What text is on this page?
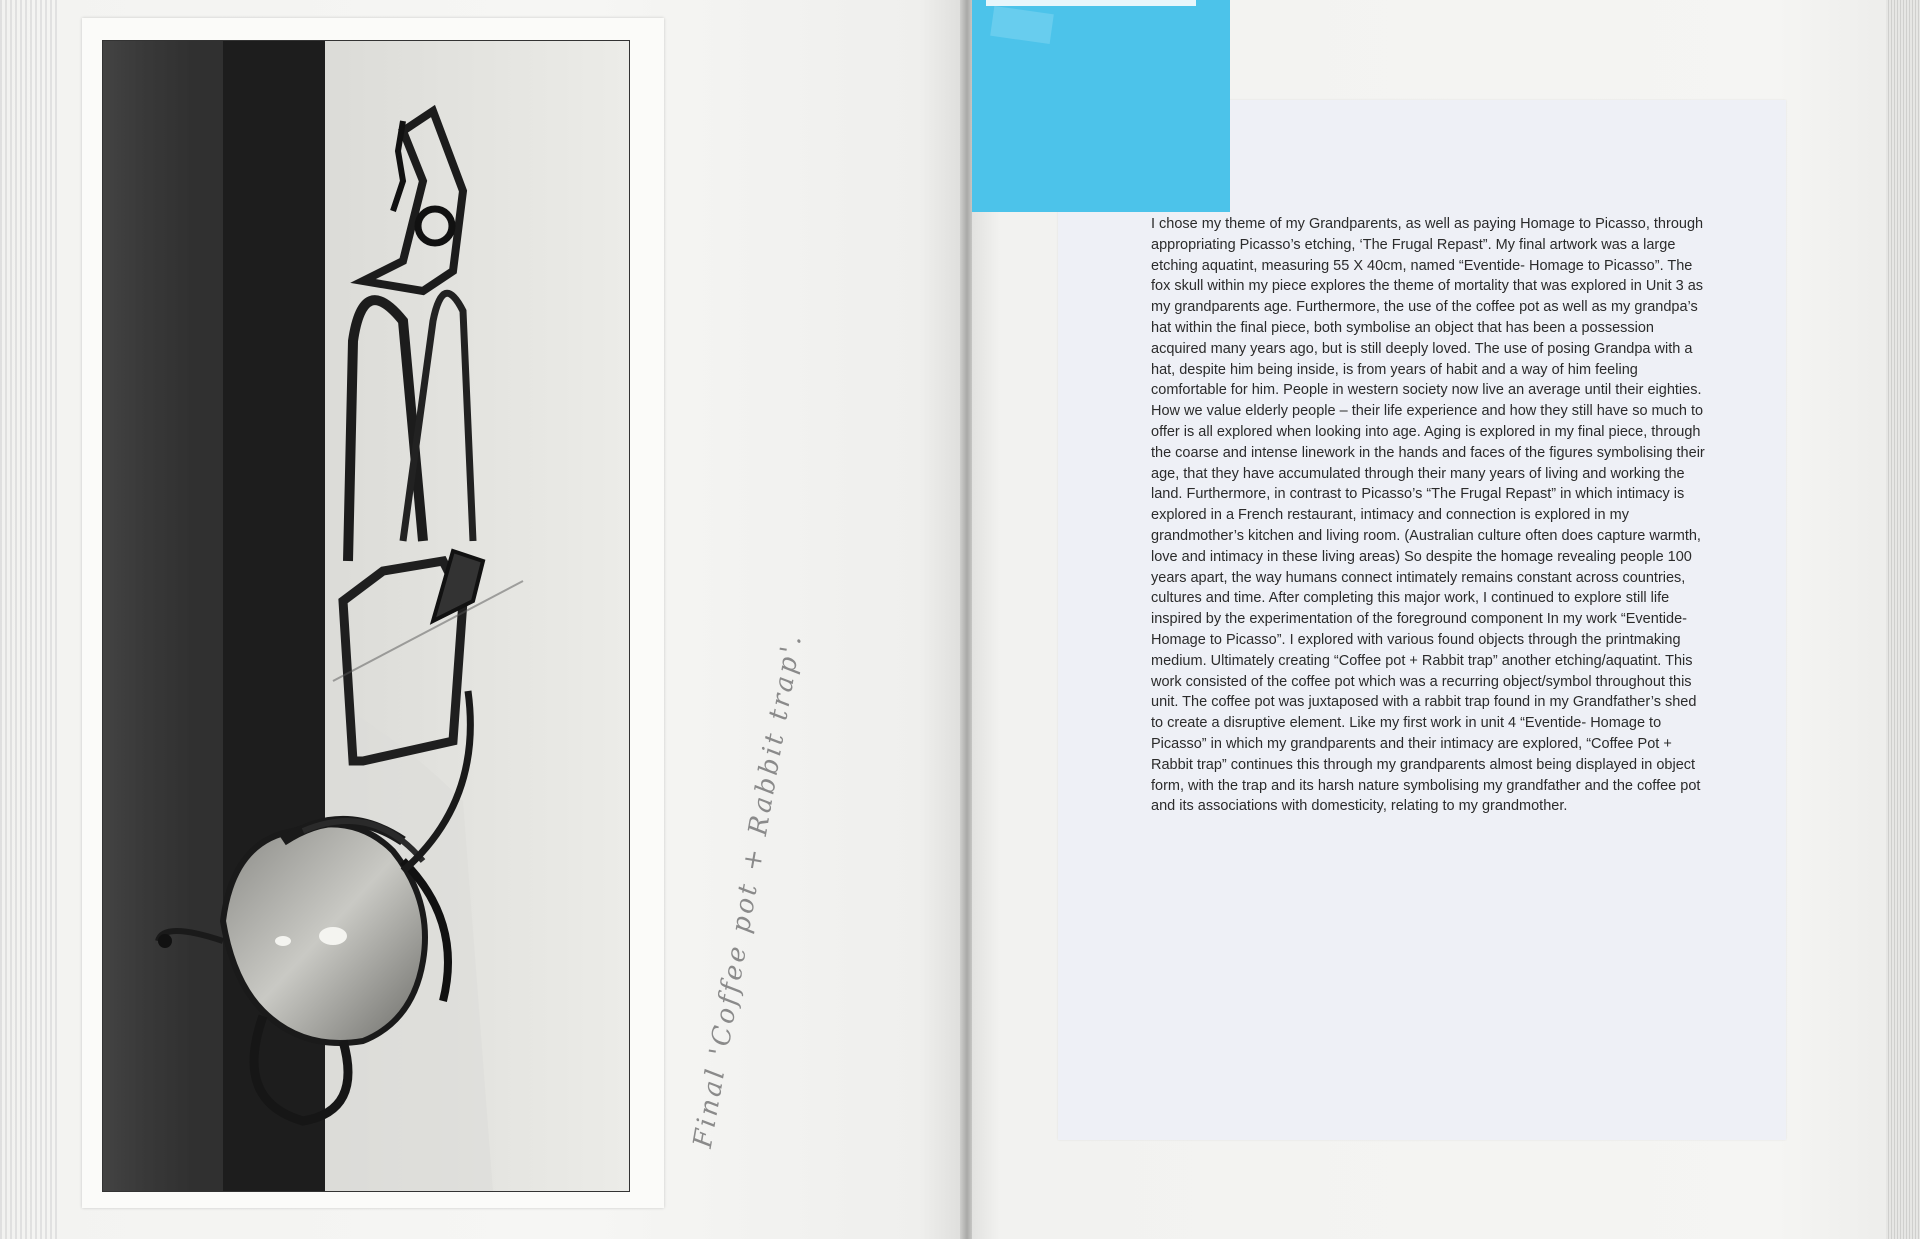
Final 'Coffee pot + Rabbit trap'.

I chose my theme of my Grandparents, as well as paying Homage to Picasso, through appropriating Picasso’s etching, ‘The Frugal Repast”. My final artwork was a large etching aquatint, measuring 55 X 40cm, named “Eventide- Homage to Picasso”. The fox skull within my piece explores the theme of mortality that was explored in Unit 3 as my grandparents age. Furthermore, the use of the coffee pot as well as my grandpa’s hat within the final piece, both symbolise an object that has been a possession acquired many years ago, but is still deeply loved. The use of posing Grandpa with a hat, despite him being inside, is from years of habit and a way of him feeling comfortable for him. People in western society now live an average until their eighties. How we value elderly people – their life experience and how they still have so much to offer is all explored when looking into age. Aging is explored in my final piece, through the coarse and intense linework in the hands and faces of the figures symbolising their age, that they have accumulated through their many years of living and working the land. Furthermore, in contrast to Picasso’s “The Frugal Repast” in which intimacy is explored in a French restaurant, intimacy and connection is explored in my grandmother’s kitchen and living room. (Australian culture often does capture warmth, love and intimacy in these living areas) So despite the homage revealing people 100 years apart, the way humans connect intimately remains constant across countries, cultures and time. After completing this major work, I continued to explore still life inspired by the experimentation of the foreground component In my work “Eventide-Homage to Picasso”. I explored with various found objects through the printmaking medium. Ultimately creating “Coffee pot + Rabbit trap” another etching/aquatint. This work consisted of the coffee pot which was a recurring object/symbol throughout this unit. The coffee pot was juxtaposed with a rabbit trap found in my Grandfather’s shed to create a disruptive element. Like my first work in unit 4 “Eventide- Homage to Picasso” in which my grandparents and their intimacy are explored, “Coffee Pot + Rabbit trap” continues this through my grandparents almost being displayed in object form, with the trap and its harsh nature symbolising my grandfather and the coffee pot and its associations with domesticity, relating to my grandmother.
